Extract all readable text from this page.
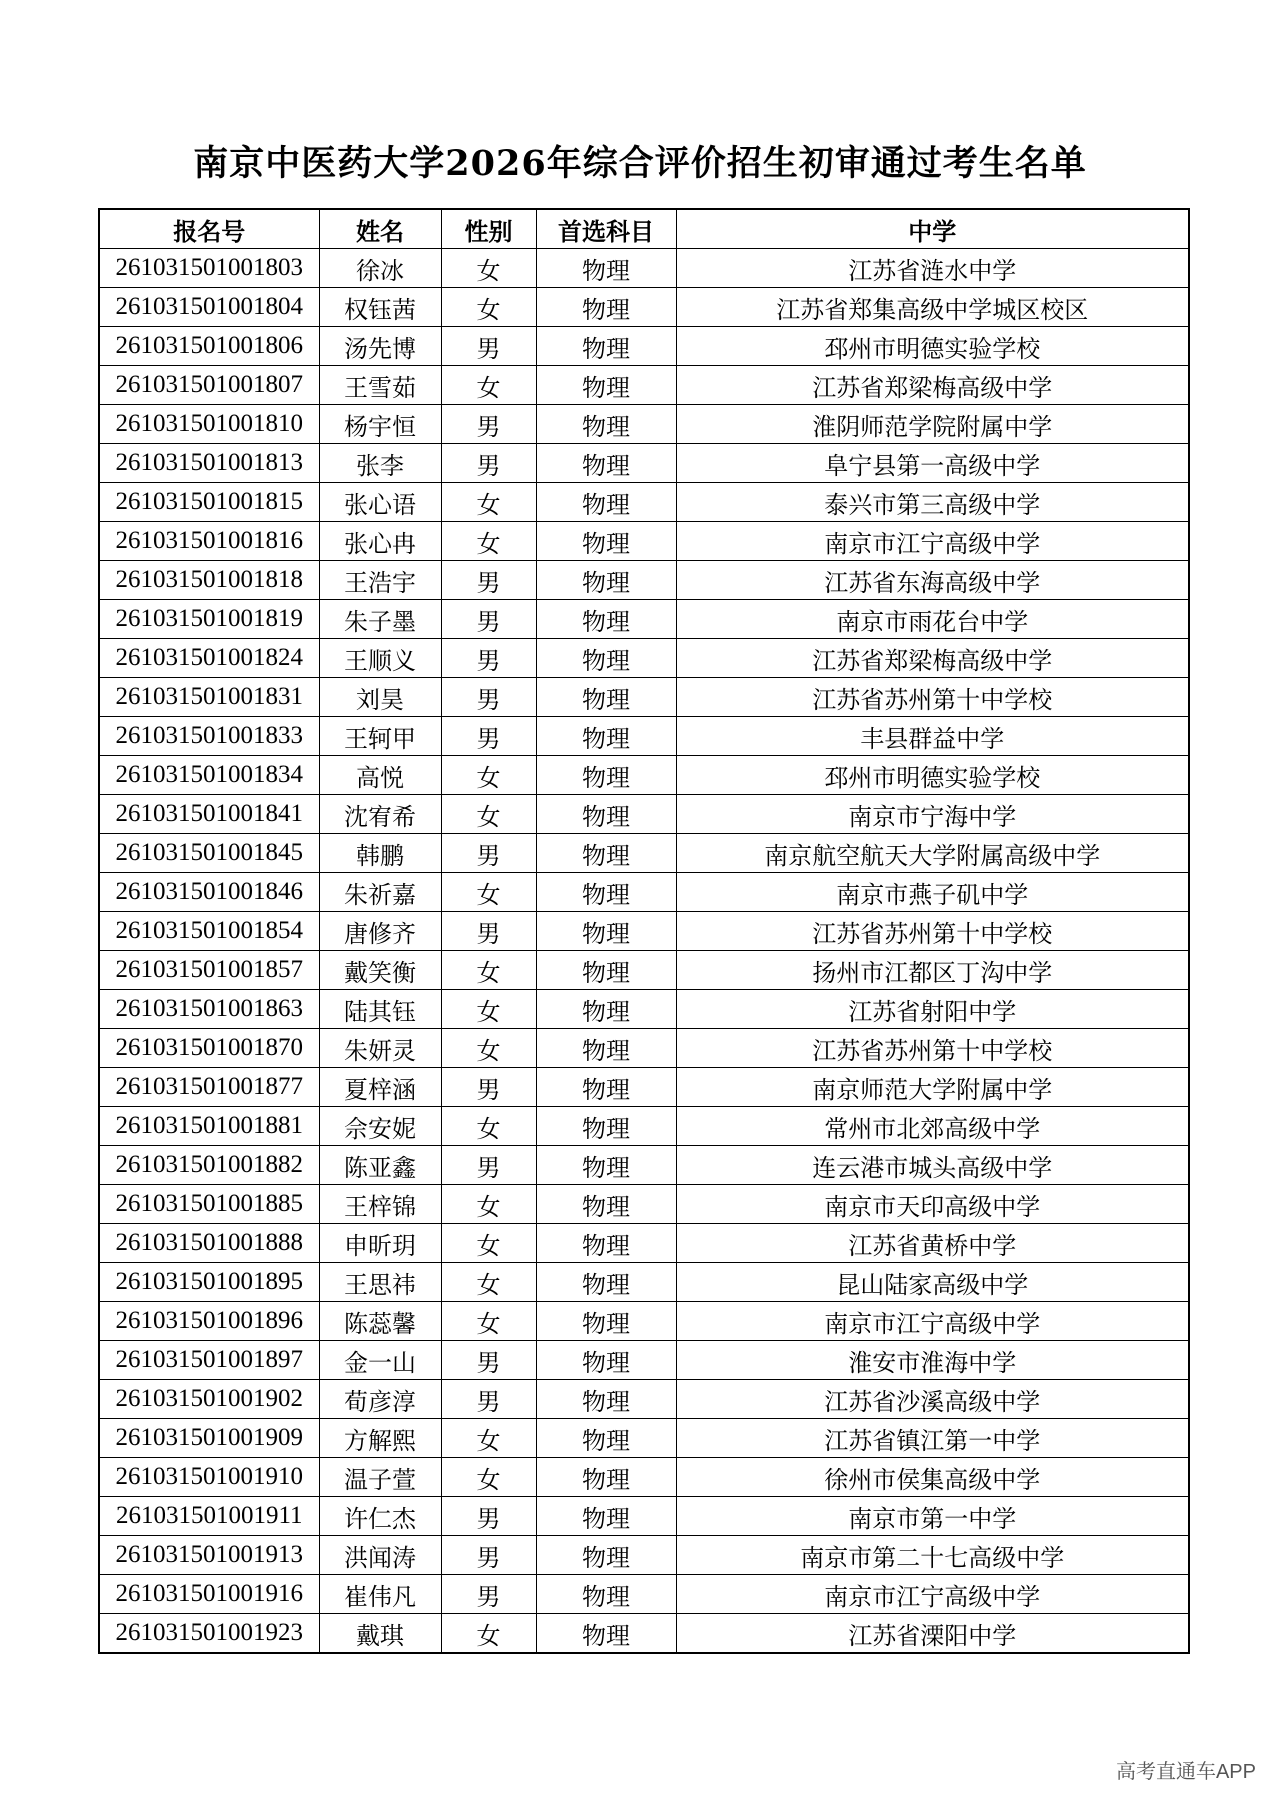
南京中医药大学2026年综合评价招生初审通过考生名单
报名号	姓名	性别	首选科目	中学
261031501001803	徐冰	女	物理	江苏省涟水中学
261031501001804	权钰茜	女	物理	江苏省郑集高级中学城区校区
261031501001806	汤先博	男	物理	邳州市明德实验学校
261031501001807	王雪茹	女	物理	江苏省郑梁梅高级中学
261031501001810	杨宇恒	男	物理	淮阴师范学院附属中学
261031501001813	张李	男	物理	阜宁县第一高级中学
261031501001815	张心语	女	物理	泰兴市第三高级中学
261031501001816	张心冉	女	物理	南京市江宁高级中学
261031501001818	王浩宇	男	物理	江苏省东海高级中学
261031501001819	朱子墨	男	物理	南京市雨花台中学
261031501001824	王顺义	男	物理	江苏省郑梁梅高级中学
261031501001831	刘昊	男	物理	江苏省苏州第十中学校
261031501001833	王轲甲	男	物理	丰县群益中学
261031501001834	高悦	女	物理	邳州市明德实验学校
261031501001841	沈宥希	女	物理	南京市宁海中学
261031501001845	韩鹏	男	物理	南京航空航天大学附属高级中学
261031501001846	朱祈嘉	女	物理	南京市燕子矶中学
261031501001854	唐修齐	男	物理	江苏省苏州第十中学校
261031501001857	戴笑衡	女	物理	扬州市江都区丁沟中学
261031501001863	陆其钰	女	物理	江苏省射阳中学
261031501001870	朱妍灵	女	物理	江苏省苏州第十中学校
261031501001877	夏梓涵	男	物理	南京师范大学附属中学
261031501001881	佘安妮	女	物理	常州市北郊高级中学
261031501001882	陈亚鑫	男	物理	连云港市城头高级中学
261031501001885	王梓锦	女	物理	南京市天印高级中学
261031501001888	申昕玥	女	物理	江苏省黄桥中学
261031501001895	王思祎	女	物理	昆山陆家高级中学
261031501001896	陈蕊馨	女	物理	南京市江宁高级中学
261031501001897	金一山	男	物理	淮安市淮海中学
261031501001902	荀彦淳	男	物理	江苏省沙溪高级中学
261031501001909	方解熙	女	物理	江苏省镇江第一中学
261031501001910	温子萱	女	物理	徐州市侯集高级中学
261031501001911	许仁杰	男	物理	南京市第一中学
261031501001913	洪闻涛	男	物理	南京市第二十七高级中学
261031501001916	崔伟凡	男	物理	南京市江宁高级中学
261031501001923	戴琪	女	物理	江苏省溧阳中学
高考直通车APP
